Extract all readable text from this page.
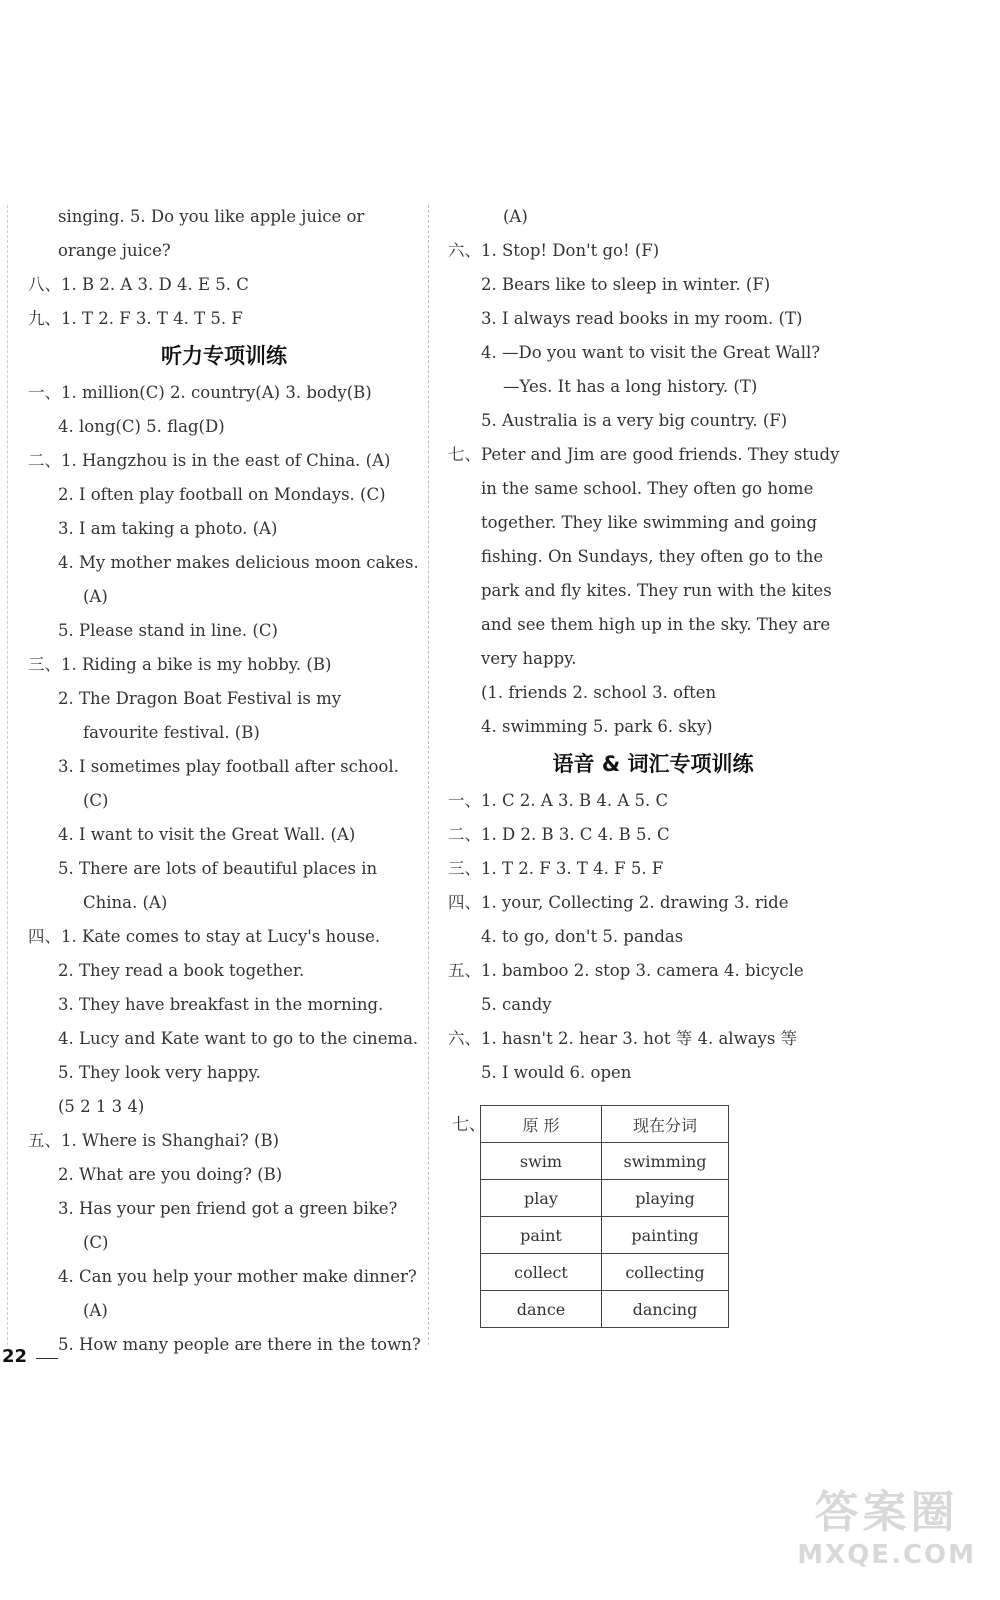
singing. 5. Do you like apple juice or
orange juice?
八、1. B 2. A 3. D 4. E 5. C
九、1. T 2. F 3. T 4. T 5. F
听力专项训练
一、1. million(C) 2. country(A) 3. body(B)
4. long(C) 5. flag(D)
二、1. Hangzhou is in the east of China. (A)
2. I often play football on Mondays. (C)
3. I am taking a photo. (A)
4. My mother makes delicious moon cakes.
(A)
5. Please stand in line. (C)
三、1. Riding a bike is my hobby. (B)
2. The Dragon Boat Festival is my
favourite festival. (B)
3. I sometimes play football after school.
(C)
4. I want to visit the Great Wall. (A)
5. There are lots of beautiful places in
China. (A)
四、1. Kate comes to stay at Lucy's house.
2. They read a book together.
3. They have breakfast in the morning.
4. Lucy and Kate want to go to the cinema.
5. They look very happy.
(5 2 1 3 4)
五、1. Where is Shanghai? (B)
2. What are you doing? (B)
3. Has your pen friend got a green bike?
(C)
4. Can you help your mother make dinner?
(A)
5. How many people are there in the town?
(A)
六、1. Stop! Don't go! (F)
2. Bears like to sleep in winter. (F)
3. I always read books in my room. (T)
4. —Do you want to visit the Great Wall?
—Yes. It has a long history. (T)
5. Australia is a very big country. (F)
七、Peter and Jim are good friends. They study
in the same school. They often go home
together. They like swimming and going
fishing. On Sundays, they often go to the
park and fly kites. They run with the kites
and see them high up in the sky. They are
very happy.
(1. friends 2. school 3. often
4. swimming 5. park 6. sky)
语音 & 词汇专项训练
一、1. C 2. A 3. B 4. A 5. C
二、1. D 2. B 3. C 4. B 5. C
三、1. T 2. F 3. T 4. F 5. F
四、1. your, Collecting 2. drawing 3. ride
4. to go, don't 5. pandas
五、1. bamboo 2. stop 3. camera 4. bicycle
5. candy
六、1. hasn't 2. hear 3. hot 等 4. always 等
5. I would 6. open
七、 原 形	现在分词
swim	swimming
play	playing
paint	painting
collect	collecting
dance	dancing
22
答案圈
MXQE.COM
